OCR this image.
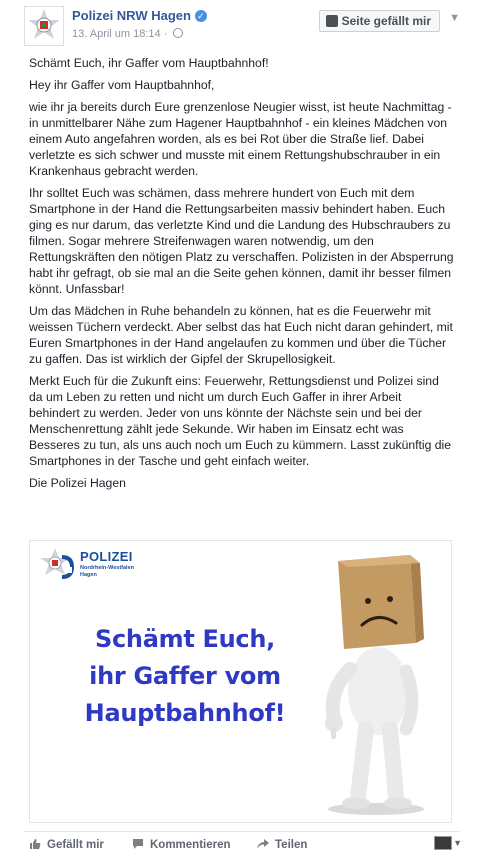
Polizei NRW Hagen ✓
13. April um 18:14 ·
Seite gefällt mir	▼

Schämt Euch, ihr Gaffer vom Hauptbahnhof!

Hey ihr Gaffer vom Hauptbahnhof,

wie ihr ja bereits durch Eure grenzenlose Neugier wisst, ist heute Nachmittag - in unmittelbarer Nähe zum Hagener Hauptbahnhof - ein kleines Mädchen von einem Auto angefahren worden, als es bei Rot über die Straße lief. Dabei verletzte es sich schwer und musste mit einem Rettungshubschrauber in ein Krankenhaus gebracht werden.

Ihr solltet Euch was schämen, dass mehrere hundert von Euch mit dem Smartphone in der Hand die Rettungsarbeiten massiv behindert haben. Euch ging es nur darum, das verletzte Kind und die Landung des Hubschraubers zu filmen. Sogar mehrere Streifenwagen waren notwendig, um den Rettungskräften den nötigen Platz zu verschaffen. Polizisten in der Absperrung habt ihr gefragt, ob sie mal an die Seite gehen können, damit ihr besser filmen könnt. Unfassbar!

Um das Mädchen in Ruhe behandeln zu können, hat es die Feuerwehr mit weissen Tüchern verdeckt. Aber selbst das hat Euch nicht daran gehindert, mit Euren Smartphones in der Hand angelaufen zu kommen und über die Tücher zu gaffen. Das ist wirklich der Gipfel der Skrupellosigkeit.

Merkt Euch für die Zukunft eins: Feuerwehr, Rettungsdienst und Polizei sind da um Leben zu retten und nicht um durch Euch Gaffer in ihrer Arbeit behindert zu werden. Jeder von uns könnte der Nächste sein und bei der Menschenrettung zählt jede Sekunde. Wir haben im Einsatz echt was Besseres zu tun, als uns auch noch um Euch zu kümmern. Lasst zukünftig die Smartphones in der Tasche und geht einfach weiter.

Die Polizei Hagen

POLIZEI
Nordrhein-Westfalen
Hagen
Schämt Euch,
ihr Gaffer vom
Hauptbahnhof!
Gefällt mir	Kommentieren	Teilen	▼
